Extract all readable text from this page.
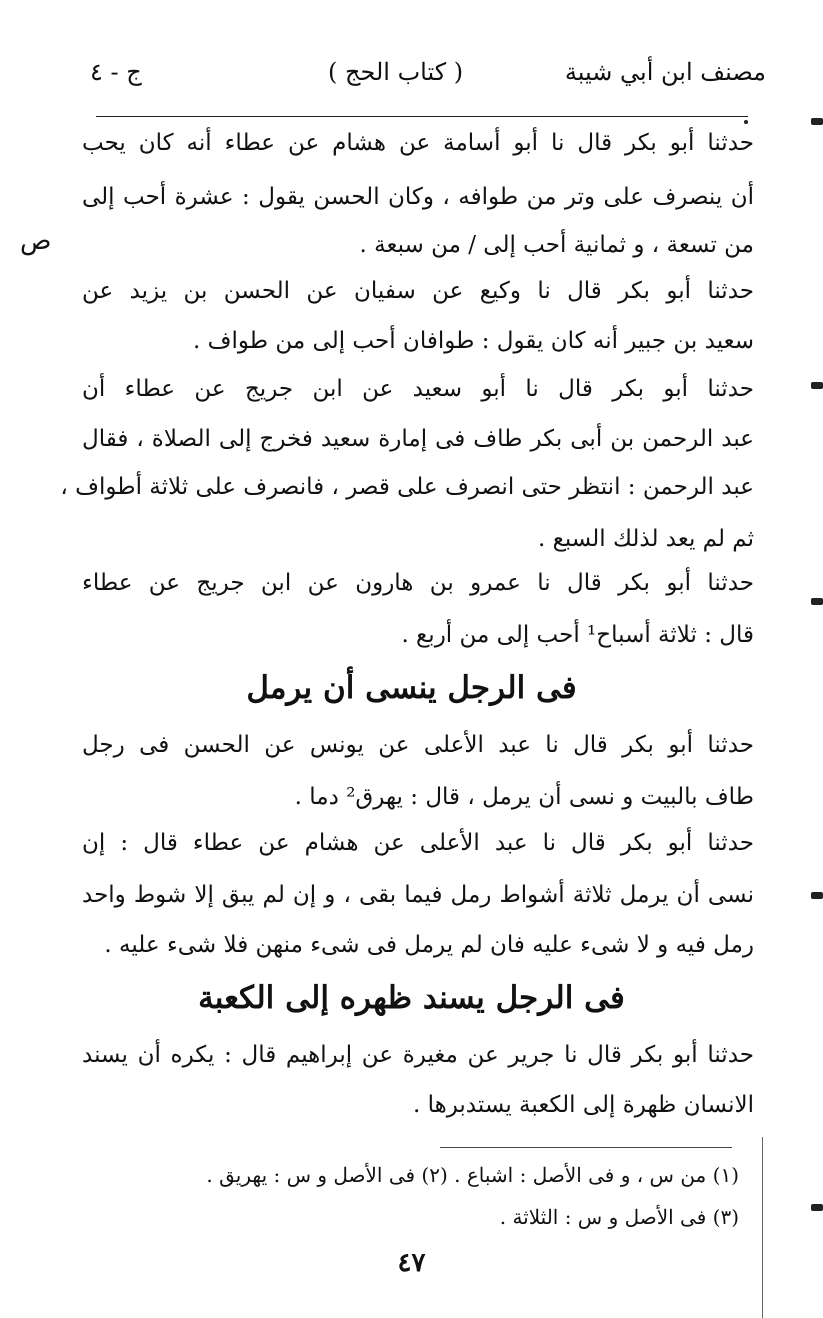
مصنف ابن أبي شيبة
( كتاب الحج )
ج - ٤
ص
حدثنا أبو بكر قال نا أبو أسامة عن هشام عن عطاء أنه كان يحب
أن ينصرف على وتر من طوافه ، وكان الحسن يقول : عشرة أحب إلى
من تسعة ، و ثمانية أحب إلى / من سبعة .
حدثنا أبو بكر قال نا وكيع عن سفيان عن الحسن بن يزيد عن
سعيد بن جبير أنه كان يقول : طوافان أحب إلى من طواف .
حدثنا أبو بكر قال نا أبو سعيد عن ابن جريج عن عطاء أن
عبد الرحمن بن أبى بكر طاف فى إمارة سعيد فخرج إلى الصلاة ، فقال
عبد الرحمن : انتظر حتى انصرف على قصر ، فانصرف على ثلاثة أطواف ،
ثم لم يعد لذلك السبع .
حدثنا أبو بكر قال نا عمرو بن هارون عن ابن جريج عن عطاء
قال : ثلاثة أسباح¹ أحب إلى من أربع .
فى الرجل ينسى أن يرمل
حدثنا أبو بكر قال نا عبد الأعلى عن يونس عن الحسن فى رجل
طاف بالبيت و نسى أن يرمل ، قال : يهرق² دما .
حدثنا أبو بكر قال نا عبد الأعلى عن هشام عن عطاء قال : إن
نسى أن يرمل ثلاثة أشواط رمل فيما بقى ، و إن لم يبق إلا شوط واحد
رمل فيه و لا شىء عليه فان لم يرمل فى شىء منهن فلا شىء عليه .
فى الرجل يسند ظهره إلى الكعبة
حدثنا أبو بكر قال نا جرير عن مغيرة عن إبراهيم قال : يكره أن يسند
الانسان ظهرة إلى الكعبة يستدبرها .
(١) من س ، و فى الأصل : اشباع . (٢) فى الأصل و س : يهريق .
(٣) فى الأصل و س : الثلاثة .
٤٧
